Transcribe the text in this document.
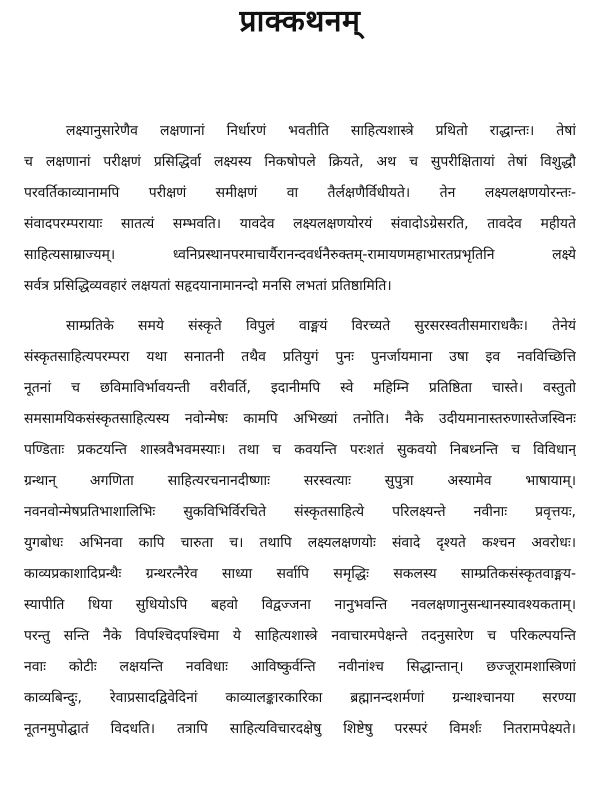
प्राक्कथनम्

लक्ष्यानुसारेणैव लक्षणानां निर्धारणं भवतीति साहित्यशास्त्रे प्रथितो राद्धान्तः। तेषां
च लक्षणानां परीक्षणं प्रसिद्धिर्वा लक्ष्यस्य निकषोपले क्रियते, अथ च सुपरीक्षितायां तेषां विशुद्धौ
परवर्तिकाव्यानामपि परीक्षणं समीक्षणं वा तैर्लक्षणैर्विधीयते। तेन लक्ष्यलक्षणयोरन्तः-
संवादपरम्परायाः सातत्यं सम्भवति। यावदेव लक्ष्यलक्षणयोरयं संवादोऽग्रेसरति, तावदेव महीयते
साहित्यसाम्राज्यम्। ध्वनिप्रस्थानपरमाचार्यैरानन्दवर्धनैरुक्तम्-रामायणमहाभारतप्रभृतिनि लक्ष्ये
सर्वत्र प्रसिद्धिव्यवहारं लक्षयतां सहृदयानामानन्दो मनसि लभतां प्रतिष्ठामिति।

साम्प्रतिके समये संस्कृते विपुलं वाङ्मयं विरच्यते सुरसरस्वतीसमाराधकैः। तेनेयं
संस्कृतसाहित्यपरम्परा यथा सनातनी तथैव प्रतियुगं पुनः पुनर्जायमाना उषा इव नवविच्छित्ति
नूतनां च छविमाविर्भावयन्ती वरीवर्ति, इदानीमपि स्वे महिम्नि प्रतिष्ठिता चास्ते। वस्तुतो
समसामयिकसंस्कृतसाहित्यस्य नवोन्मेषः कामपि अभिख्यां तनोति। नैके उदीयमानास्तरुणास्तेजस्विनः
पण्डिताः प्रकटयन्ति शास्त्रवैभवमस्याः। तथा च कवयन्ति परःशतं सुकवयो निबध्नन्ति च विविधान्
ग्रन्थान् अगणिता साहित्यरचनानदीष्णाः सरस्वत्याः सुपुत्रा अस्यामेव भाषायाम्।
नवनवोन्मेषप्रतिभाशालिभिः सुकविभिर्विरचिते संस्कृतसाहित्ये परिलक्ष्यन्ते नवीनाः प्रवृत्तयः,
युगबोधः अभिनवा कापि चारुता च। तथापि लक्ष्यलक्षणयोः संवादे दृश्यते कश्चन अवरोधः।
काव्यप्रकाशादिप्रन्थैः ग्रन्थरत्नैरेव साध्या सर्वापि समृद्धिः सकलस्य साम्प्रतिकसंस्कृतवाङ्मय-
स्यापीति धिया सुधियोऽपि बहवो विद्वज्जना नानुभवन्ति नवलक्षणानुसन्धानस्यावश्यकताम्।
परन्तु सन्ति नैके विपश्चिदपश्चिमा ये साहित्यशास्त्रे नवाचारमपेक्षन्ते तदनुसारेण च परिकल्पयन्ति
नवाः कोटीः लक्षयन्ति नवविधाः आविष्कुर्वन्ति नवीनांश्च सिद्धान्तान्। छज्जूरामशास्त्रिणां
काव्यबिन्दुः, रेवाप्रसादद्विवेदिनां काव्यालङ्कारकारिका ब्रह्मानन्दशर्मणां ग्रन्थाश्चानया सरण्या
नूतनमुपोद्घातं विदधति। तत्रापि साहित्यविचारदक्षेषु शिष्टेषु परस्परं विमर्शः नितरामपेक्ष्यते।
